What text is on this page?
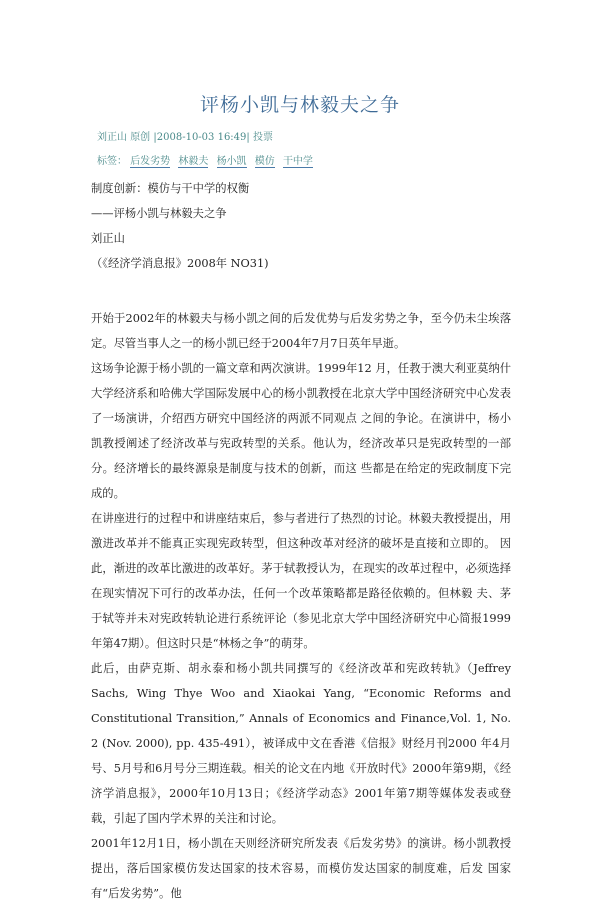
评杨小凯与林毅夫之争
刘正山 原创 |2008-10-03 16:49| 投票
标签： 后发劣势 林毅夫 杨小凯 模仿 干中学

制度创新：模仿与干中学的权衡

——评杨小凯与林毅夫之争

刘正山

（《经济学消息报》2008年 NO31)

开始于2002年的林毅夫与杨小凯之间的后发优势与后发劣势之争，至今仍未尘埃落定。尽管当事人之一的杨小凯已经于2004年7月7日英年早逝。

这场争论源于杨小凯的一篇文章和两次演讲。1999年12 月，任教于澳大利亚莫纳什大学经济系和哈佛大学国际发展中心的杨小凯教授在北京大学中国经济研究中心发表了一场演讲，介绍西方研究中国经济的两派不同观点 之间的争论。在演讲中，杨小凯教授阐述了经济改革与宪政转型的关系。他认为，经济改革只是宪政转型的一部分。经济增长的最终源泉是制度与技术的创新，而这 些都是在给定的宪政制度下完成的。

在讲座进行的过程中和讲座结束后，参与者进行了热烈的讨论。林毅夫教授提出，用激进改革并不能真正实现宪政转型，但这种改革对经济的破坏是直接和立即的。 因此，渐进的改革比激进的改革好。茅于轼教授认为，在现实的改革过程中，必须选择在现实情况下可行的改革办法，任何一个改革策略都是路径依赖的。但林毅 夫、茅于轼等并未对宪政转轨论进行系统评论（参见北京大学中国经济研究中心简报1999年第47期）。但这时只是“林杨之争”的萌芽。

此后，由萨克斯、胡永泰和杨小凯共同撰写的《经济改革和宪政转轨》（Jeffrey Sachs, Wing Thye Woo and Xiaokai Yang, “Economic Reforms and Constitutional Transition,” Annals of Economics and Finance,Vol. 1, No. 2 (Nov. 2000), pp. 435-491），被译成中文在香港《信报》财经月刊2000 年4月号、5月号和6月号分三期连载。相关的论文在内地《开放时代》2000年第9期，《经济学消息报》，2000年10月13日；《经济学动态》2001年第7期等媒体发表或登载，引起了国内学术界的关注和讨论。

2001年12月1日，杨小凯在天则经济研究所发表《后发劣势》的演讲。杨小凯教授提出，落后国家模仿发达国家的技术容易，而模仿发达国家的制度难，后发 国家有“后发劣势”。他
